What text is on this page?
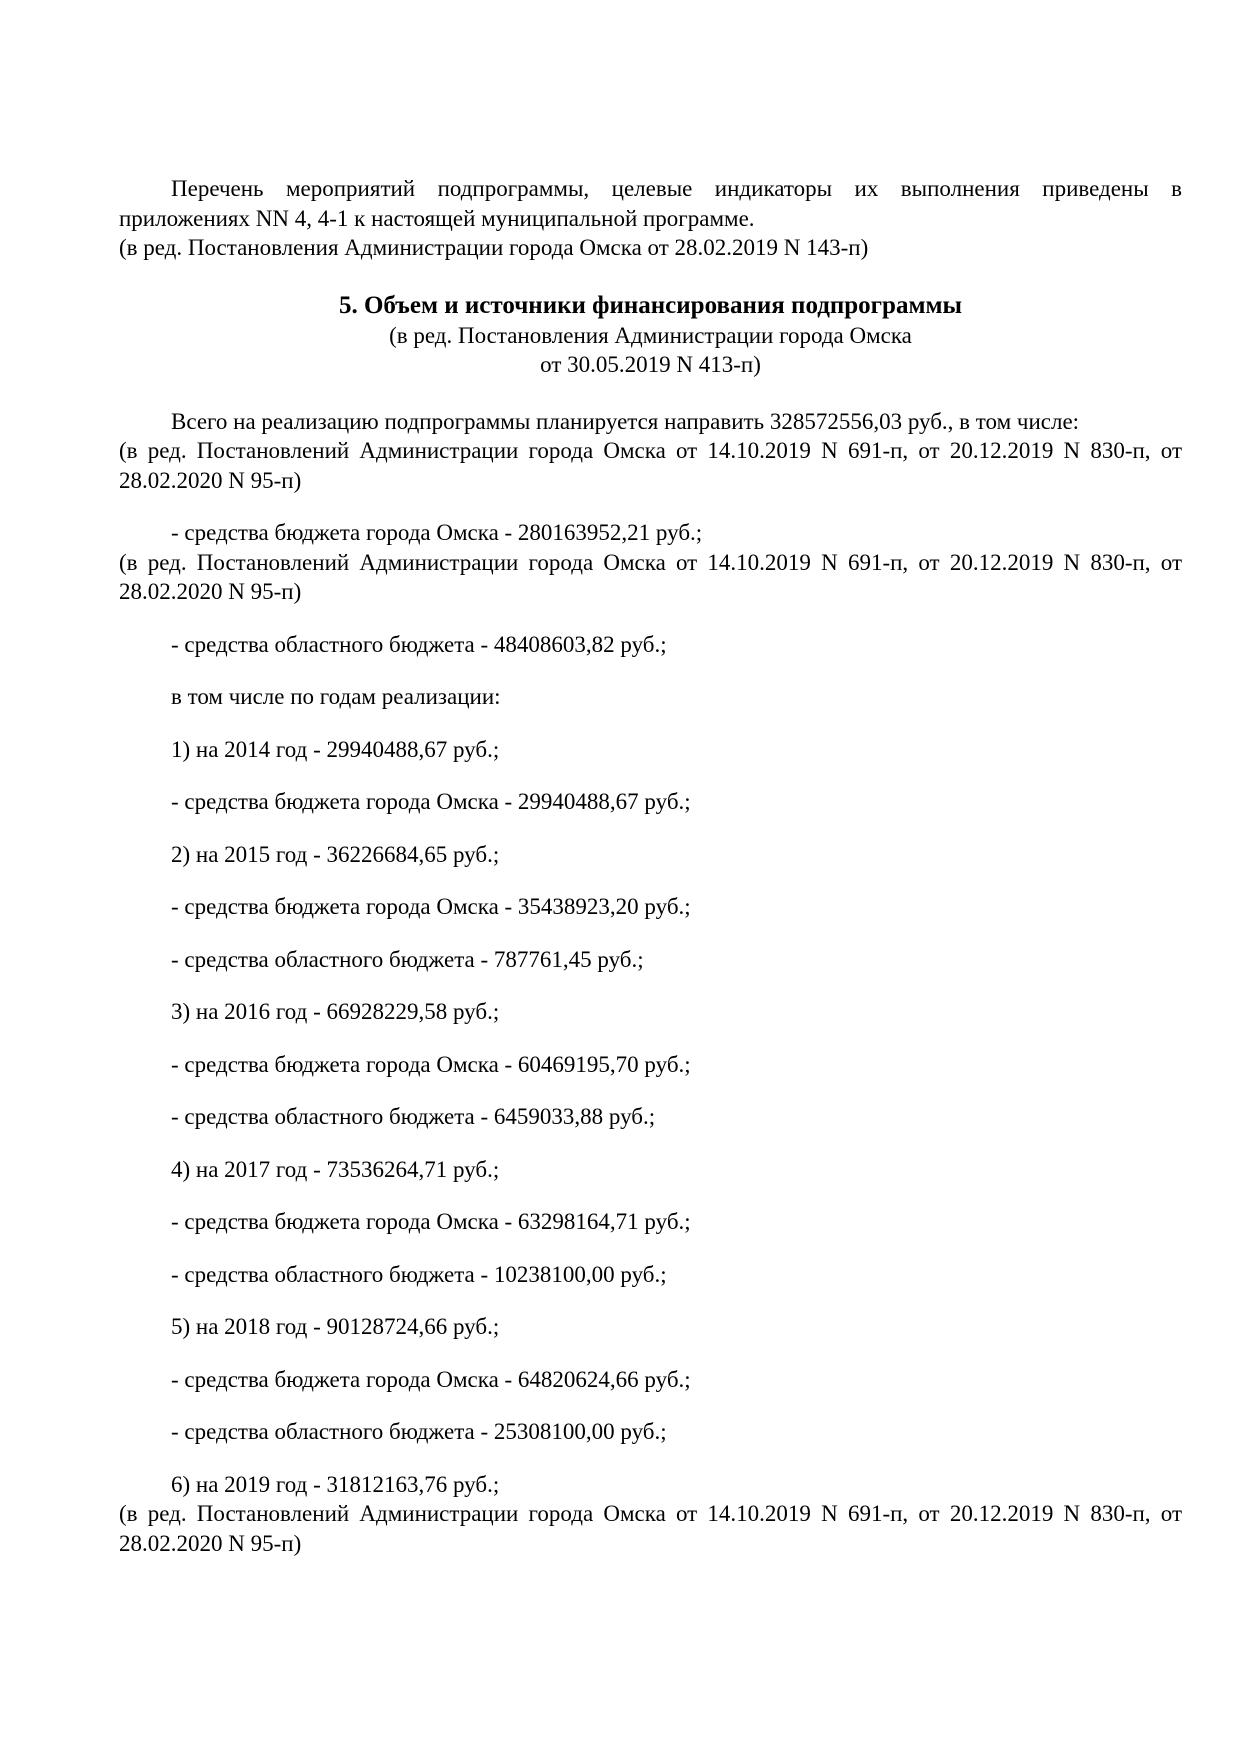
Перечень мероприятий подпрограммы, целевые индикаторы их выполнения приведены в приложениях NN 4, 4-1 к настоящей муниципальной программе.

(в ред. Постановления Администрации города Омска от 28.02.2019 N 143-п)

5. Объем и источники финансирования подпрограммы

(в ред. Постановления Администрации города Омска

от 30.05.2019 N 413-п)

Всего на реализацию подпрограммы планируется направить 328572556,03 руб., в том числе:

(в ред. Постановлений Администрации города Омска от 14.10.2019 N 691-п, от 20.12.2019 N 830-п, от 28.02.2020 N 95-п)

- средства бюджета города Омска - 280163952,21 руб.;

(в ред. Постановлений Администрации города Омска от 14.10.2019 N 691-п, от 20.12.2019 N 830-п, от 28.02.2020 N 95-п)

- средства областного бюджета - 48408603,82 руб.;

в том числе по годам реализации:

1) на 2014 год - 29940488,67 руб.;

- средства бюджета города Омска - 29940488,67 руб.;

2) на 2015 год - 36226684,65 руб.;

- средства бюджета города Омска - 35438923,20 руб.;

- средства областного бюджета - 787761,45 руб.;

3) на 2016 год - 66928229,58 руб.;

- средства бюджета города Омска - 60469195,70 руб.;

- средства областного бюджета - 6459033,88 руб.;

4) на 2017 год - 73536264,71 руб.;

- средства бюджета города Омска - 63298164,71 руб.;

- средства областного бюджета - 10238100,00 руб.;

5) на 2018 год - 90128724,66 руб.;

- средства бюджета города Омска - 64820624,66 руб.;

- средства областного бюджета - 25308100,00 руб.;

6) на 2019 год - 31812163,76 руб.;

(в ред. Постановлений Администрации города Омска от 14.10.2019 N 691-п, от 20.12.2019 N 830-п, от 28.02.2020 N 95-п)
